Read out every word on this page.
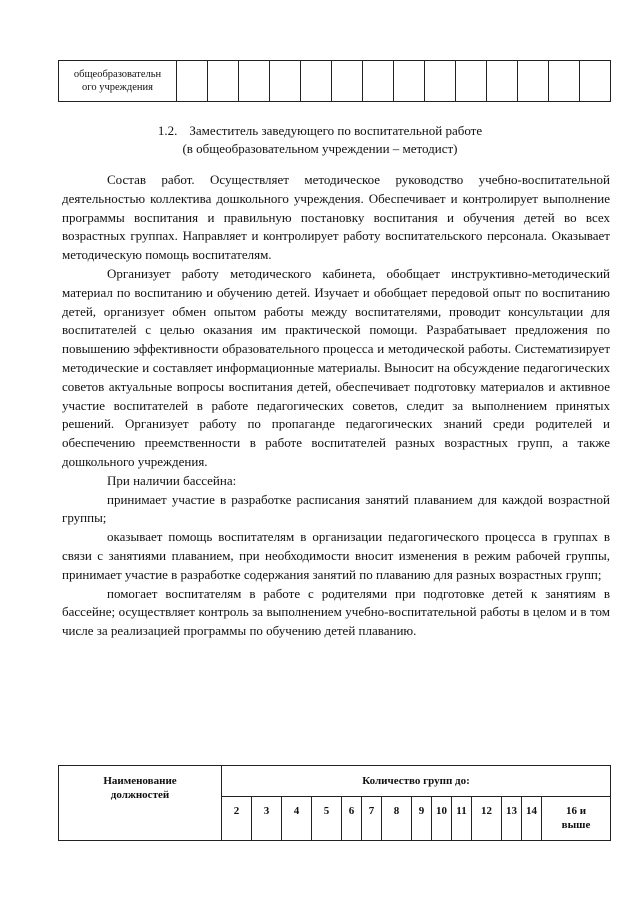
общеобразовательн
ого учреждения														
1.2. Заместитель заведующего по воспитательной работе
(в общеобразовательном учреждении – методист)

Состав работ. Осуществляет методическое руководство учебно-воспитательной деятельностью коллектива дошкольного учреждения. Обеспечивает и контролирует выполнение программы воспитания и правильную постановку воспитания и обучения детей во всех возрастных группах. Направляет и контролирует работу воспитательского персонала. Оказывает методическую помощь воспитателям.

Организует работу методического кабинета, обобщает инструктивно-методический материал по воспитанию и обучению детей. Изучает и обобщает передовой опыт по воспитанию детей, организует обмен опытом работы между воспитателями, проводит консультации для воспитателей с целью оказания им практической помощи. Разрабатывает предложения по повышению эффективности образовательного процесса и методической работы. Систематизирует методические и составляет информационные материалы. Выносит на обсуждение педагогических советов актуальные вопросы воспитания детей, обеспечивает подготовку материалов и активное участие воспитателей в работе педагогических советов, следит за выполнением принятых решений. Организует работу по пропаганде педагогических знаний среди родителей и обеспечению преемственности в работе воспитателей разных возрастных групп, а также дошкольного учреждения.

При наличии бассейна:

принимает участие в разработке расписания занятий плаванием для каждой возрастной группы;

оказывает помощь воспитателям в организации педагогического процесса в группах в связи с занятиями плаванием, при необходимости вносит изменения в режим рабочей группы, принимает участие в разработке содержания занятий по плаванию для разных возрастных групп;

помогает воспитателям в работе с родителями при подготовке детей к занятиям в бассейне; осуществляет контроль за выполнением учебно-воспитательной работы в целом и в том числе за реализацией программы по обучению детей плаванию.

Наименование
должностей	Количество групп до:													
	2	3	4	5	6	7	8	9	10	11	12	13	14	16 и
выше
